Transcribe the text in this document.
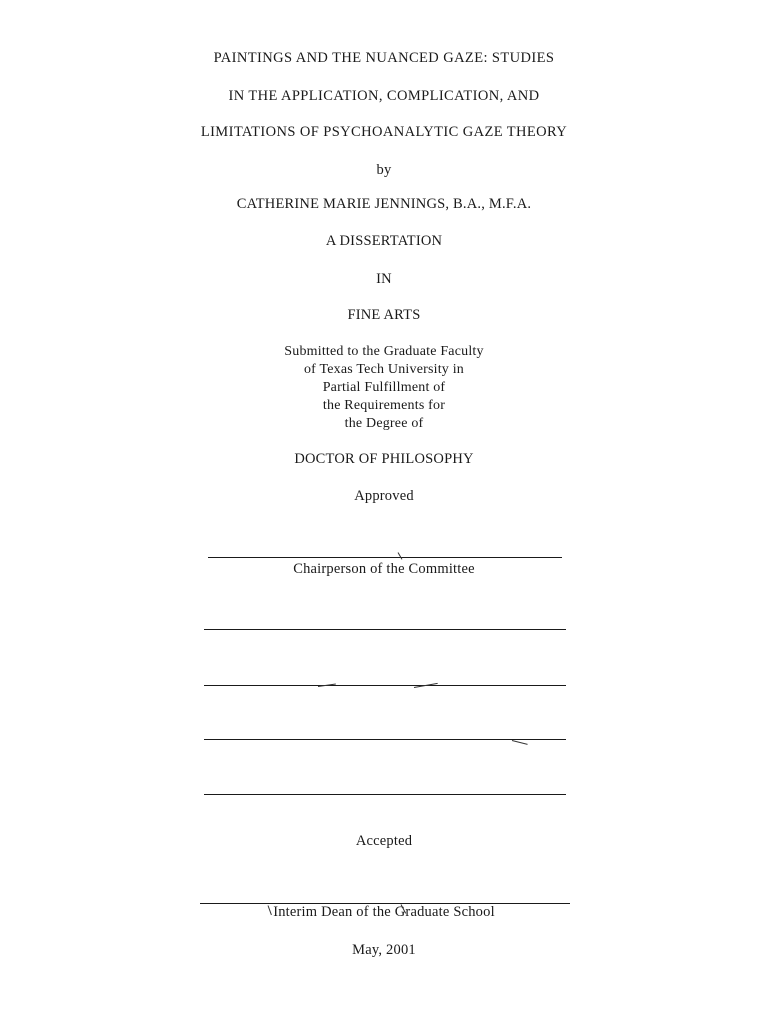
PAINTINGS AND THE NUANCED GAZE: STUDIES
IN THE APPLICATION, COMPLICATION, AND
LIMITATIONS OF PSYCHOANALYTIC GAZE THEORY
by
CATHERINE MARIE JENNINGS, B.A., M.F.A.
A DISSERTATION
IN
FINE ARTS
Submitted to the Graduate Faculty
of Texas Tech University in
Partial Fulfillment of
the Requirements for
the Degree of
DOCTOR OF PHILOSOPHY
Approved
Chairperson of the Committee
Accepted
Interim Dean of the Graduate School
May, 2001
